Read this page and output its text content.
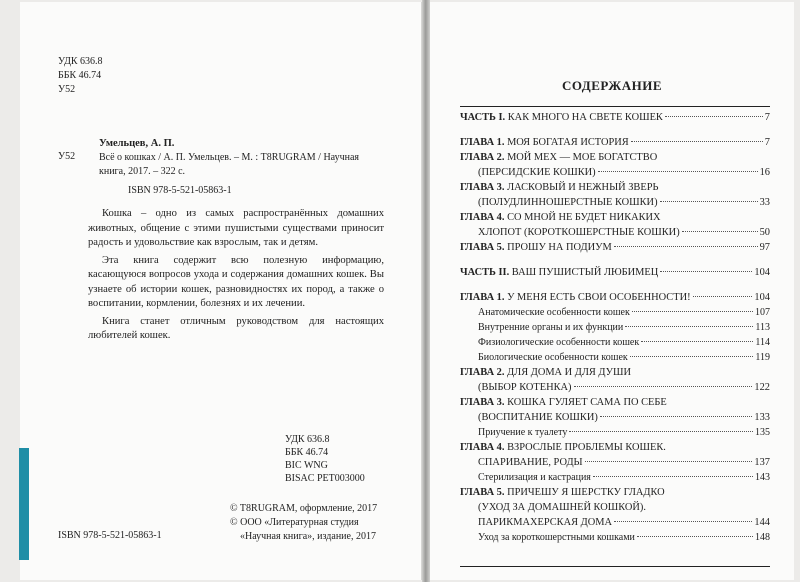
УДК 636.8
ББК 46.74
У52
Умельцев, А. П.
У52 Всё о кошках / А. П. Умельцев. – М. : T8RUGRAM / Научная
книга, 2017. – 322 с.
ISBN 978-5-521-05863-1

Кошка – одно из самых распространённых домашних животных, общение с этими пушистыми существами приносит радость и удовольствие как взрослым, так и детям.

Эта книга содержит всю полезную информацию, касающуюся вопросов ухода и содержания домашних кошек. Вы узнаете об истории кошек, разновидностях их пород, а также о воспитании, кормлении, болезнях и их лечении.

Книга станет отличным руководством для настоящих любителей кошек.

УДК 636.8
ББК 46.74
BIC WNG
BISAC PET003000
© T8RUGRAM, оформление, 2017
© ООО «Литературная студия
«Научная книга», издание, 2017
ISBN 978-5-521-05863-1
СОДЕРЖАНИЕ
ЧАСТЬ I. КАК МНОГО НА СВЕТЕ КОШЕК	7
ГЛАВА 1. МОЯ БОГАТАЯ ИСТОРИЯ	7
ГЛАВА 2. МОЙ МЕХ — МОЕ БОГАТСТВО
(ПЕРСИДСКИЕ КОШКИ)	16
ГЛАВА 3. ЛАСКОВЫЙ И НЕЖНЫЙ ЗВЕРЬ
(ПОЛУДЛИННОШЕРСТНЫЕ КОШКИ)	33
ГЛАВА 4. СО МНОЙ НЕ БУДЕТ НИКАКИХ
ХЛОПОТ (КОРОТКОШЕРСТНЫЕ КОШКИ)	50
ГЛАВА 5. ПРОШУ НА ПОДИУМ	97
ЧАСТЬ II. ВАШ ПУШИСТЫЙ ЛЮБИМЕЦ	104
ГЛАВА 1. У МЕНЯ ЕСТЬ СВОИ ОСОБЕННОСТИ!	104
Анатомические особенности кошек	107
Внутренние органы и их функции	113
Физиологические особенности кошек	114
Биологические особенности кошек	119
ГЛАВА 2. ДЛЯ ДОМА И ДЛЯ ДУШИ
(ВЫБОР КОТЕНКА)	122
ГЛАВА 3. КОШКА ГУЛЯЕТ САМА ПО СЕБЕ
(ВОСПИТАНИЕ КОШКИ)	133
Приучение к туалету	135
ГЛАВА 4. ВЗРОСЛЫЕ ПРОБЛЕМЫ КОШЕК.
СПАРИВАНИЕ, РОДЫ	137
Стерилизация и кастрация	143
ГЛАВА 5. ПРИЧЕШУ Я ШЕРСТКУ ГЛАДКО
(УХОД ЗА ДОМАШНЕЙ КОШКОЙ).
ПАРИКМАХЕРСКАЯ ДОМА	144
Уход за короткошерстными кошками	148
